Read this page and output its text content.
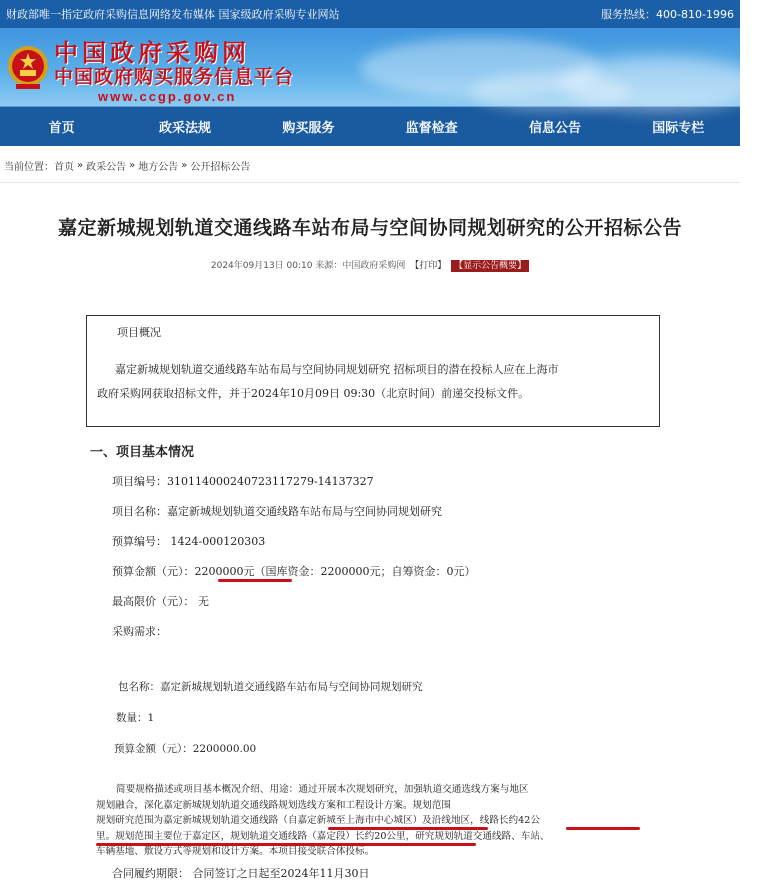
财政部唯一指定政府采购信息网络发布媒体 国家级政府采购专业网站	服务热线：400-810-1996
中国政府采购网
中国政府购买服务信息平台
www.ccgp.gov.cn
首页	政采法规	购买服务	监督检查	信息公告	国际专栏
当前位置： 首页 » 政采公告 » 地方公告 » 公开招标公告
嘉定新城规划轨道交通线路车站布局与空间协同规划研究的公开招标公告
2024年09月13日 00:10 来源：中国政府采购网 【打印】 【显示公告概要】
项目概况
嘉定新城规划轨道交通线路车站布局与空间协同规划研究 招标项目的潜在投标人应在上海市
政府采购网获取招标文件，并于2024年10月09日 09:30（北京时间）前递交投标文件。
一、项目基本情况
项目编号：310114000240723117279-14137327
项目名称：嘉定新城规划轨道交通线路车站布局与空间协同规划研究
预算编号： 1424-000120303
预算金额（元）：2200000元（国库资金：2200000元；自筹资金：0元）
最高限价（元）： 无
采购需求：
包名称：嘉定新城规划轨道交通线路车站布局与空间协同规划研究
数量：1
预算金额（元）：2200000.00

简要规格描述或项目基本概况介绍、用途：通过开展本次规划研究，加强轨道交通选线方案与地区

规划融合，深化嘉定新城规划轨道交通线路规划选线方案和工程设计方案。规划范围

规划研究范围为嘉定新城规划轨道交通线路（自嘉定新城至上海市中心城区）及沿线地区，线路长约42公

里。规划范围主要位于嘉定区，规划轨道交通线路（嘉定段）长约20公里，研究规划轨道交通线路、车站、

车辆基地、敷设方式等规划和设计方案。本项目接受联合体投标。

合同履约期限： 合同签订之日起至2024年11月30日
